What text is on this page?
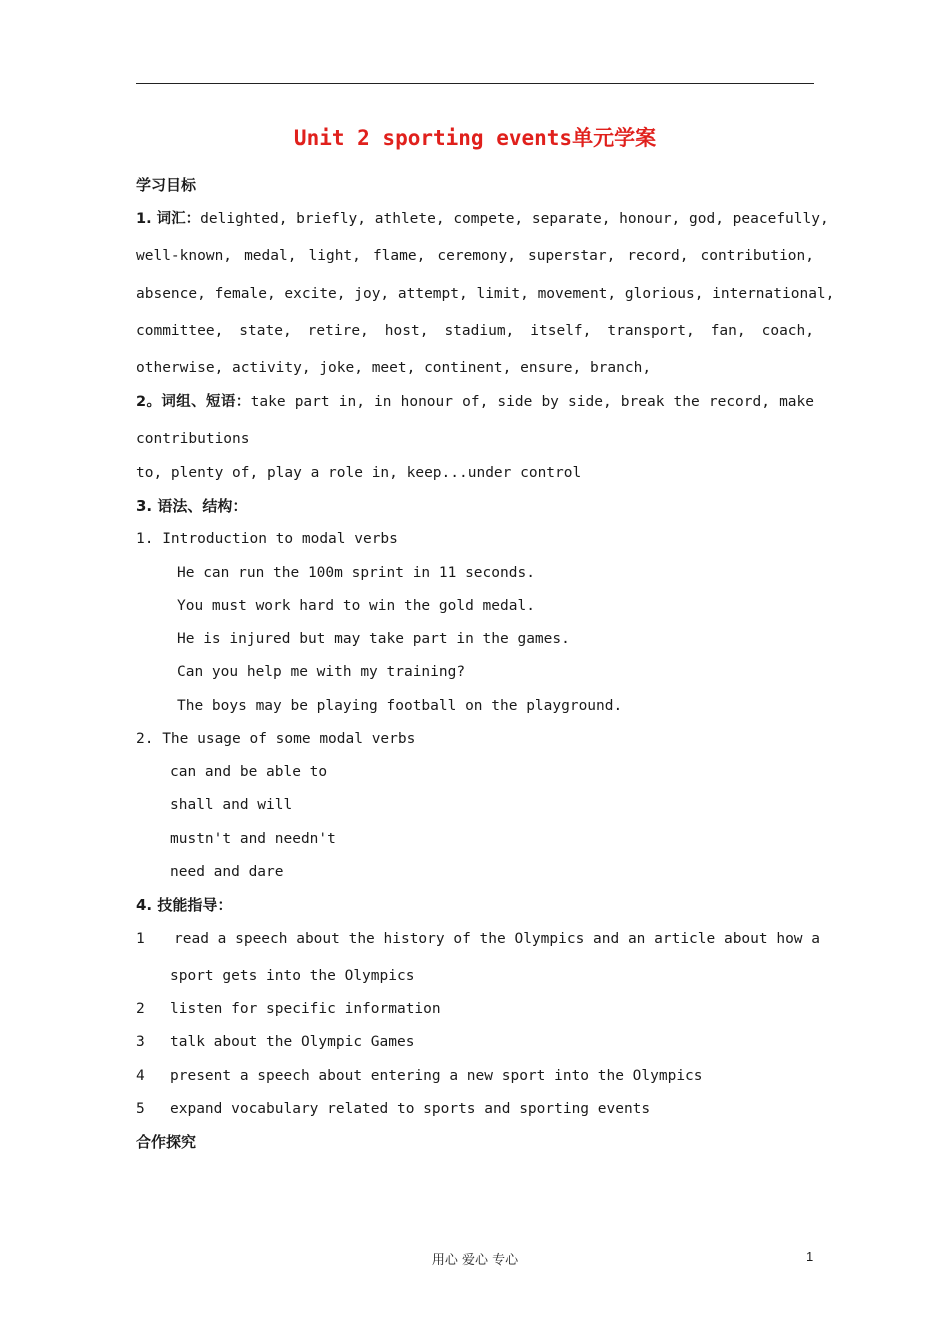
Unit 2 sporting events单元学案
学习目标
1. 词汇：delighted, briefly, athlete, compete, separate, honour, god, peacefully,
well-known, medal, light, flame, ceremony, superstar, record, contribution,
absence, female, excite, joy, attempt, limit, movement, glorious, international,
committee, state, retire, host, stadium, itself, transport, fan, coach,
otherwise, activity, joke, meet, continent, ensure, branch,
2。词组、短语：take part in, in honour of, side by side, break the record, make
contributions
to, plenty of, play a role in, keep...under control
3. 语法、结构：
1. Introduction to modal verbs
He can run the 100m sprint in 11 seconds.
You must work hard to win the gold medal.
He is injured but may take part in the games.
Can you help me with my training?
The boys may be playing football on the playground.
2. The usage of some modal verbs
can and be able to
shall and will
mustn't and needn't
need and dare
4. 技能指导：
1 read a speech about the history of the Olympics and an article about how a
sport gets into the Olympics
2 listen for specific information
3 talk about the Olympic Games
4 present a speech about entering a new sport into the Olympics
5 expand vocabulary related to sports and sporting events
合作探究
用心 爱心 专心	1
